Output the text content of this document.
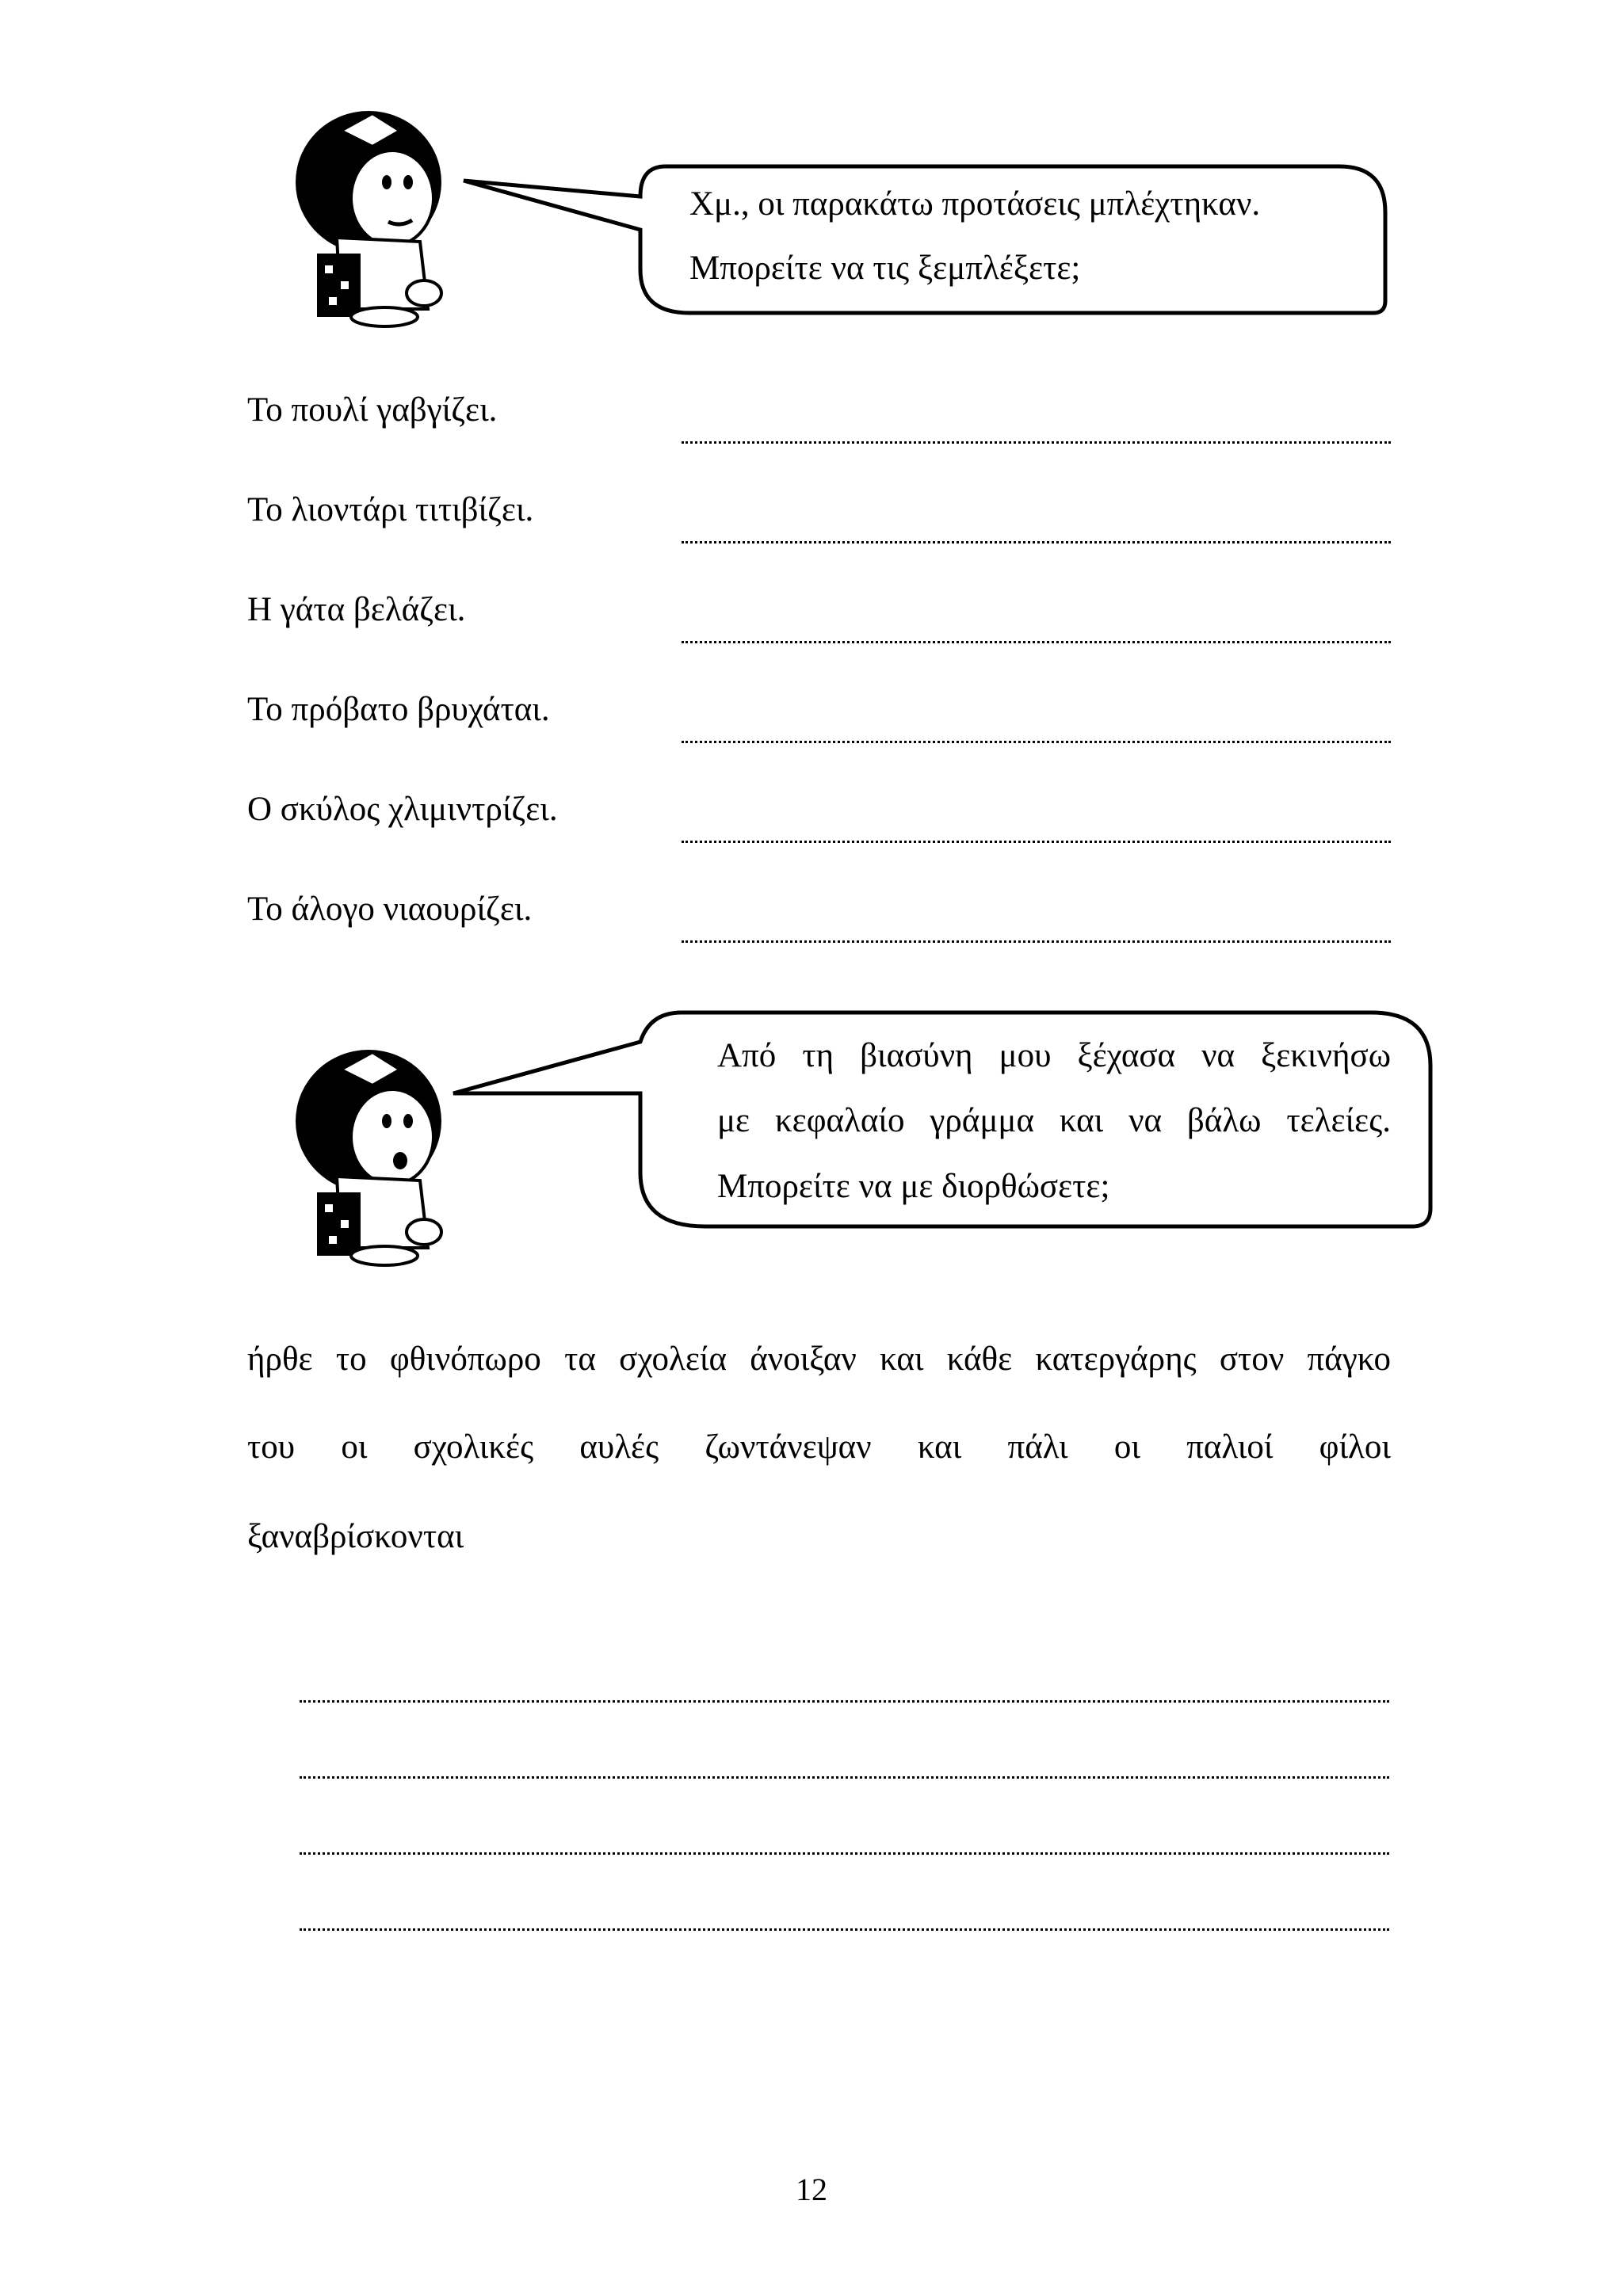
Χμ., οι παρακάτω προτάσεις μπλέχτηκαν.
Μπορείτε να τις ξεμπλέξετε;
Το πουλί γαβγίζει.
Το λιοντάρι τιτιβίζει.
Η γάτα βελάζει.
Το πρόβατο βρυχάται.
Ο σκύλος χλιμιντρίζει.
Το άλογο νιαουρίζει.
Από τη βιασύνη μου ξέχασα να ξεκινήσω
με κεφαλαίο γράμμα και να βάλω τελείες.
Μπορείτε να με διορθώσετε;
ήρθε το φθινόπωρο τα σχολεία άνοιξαν και κάθε κατεργάρης στον πάγκο
του οι σχολικές αυλές ζωντάνεψαν και πάλι οι παλιοί φίλοι
ξαναβρίσκονται
12
